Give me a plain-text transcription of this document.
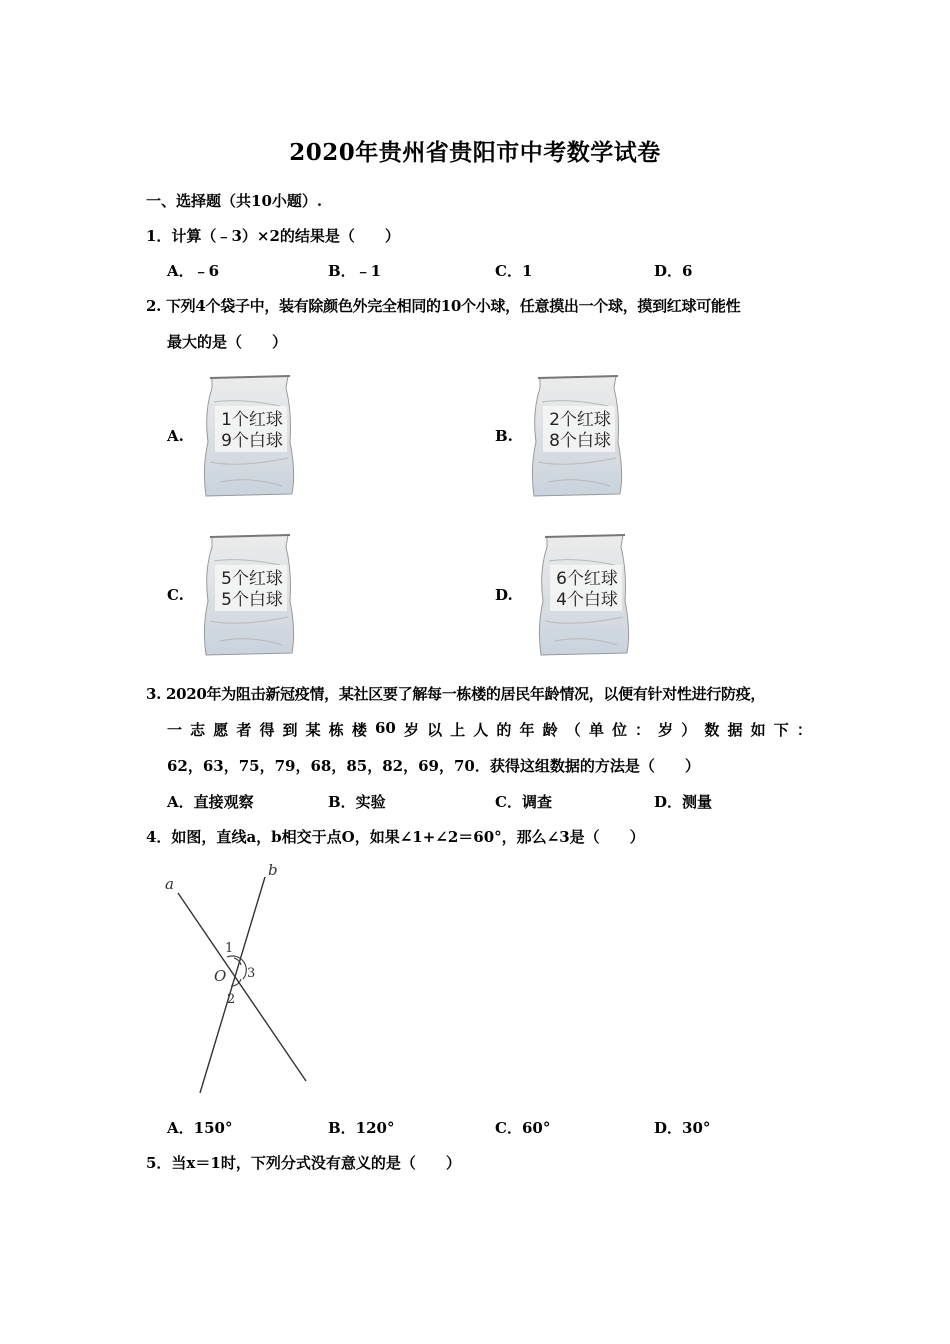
2020年贵州省贵阳市中考数学试卷
一、选择题（共10小题）.
1．计算（﹣3）×2的结果是（　　）
A．﹣6	B．﹣1	C．1	D．6
2. 下列4个袋子中，装有除颜色外完全相同的10个小球，任意摸出一个球，摸到红球可能性
最大的是（　　）
A.	B.
C.	D.
1个红球
9个白球
2个红球
8个白球
5个红球
5个白球
6个红球
4个白球
3. 2020年为阻击新冠疫情，某社区要了解每一栋楼的居民年龄情况，以便有针对性进行防疫，
一 志 愿 者 得 到 某 栋 楼 60 岁 以 上 人 的 年 龄 （ 单 位 ： 岁 ） 数 据 如 下 ：
62，63，75，79，68，85，82，69，70．获得这组数据的方法是（　　）
A．直接观察	B．实验	C．调查	D．测量
4．如图，直线a，b相交于点O，如果∠1+∠2＝60°，那么∠3是（　　）
a
b
O
1
2
3
A．150°	B．120°	C．60°	D．30°
5．当x＝1时，下列分式没有意义的是（　　）
